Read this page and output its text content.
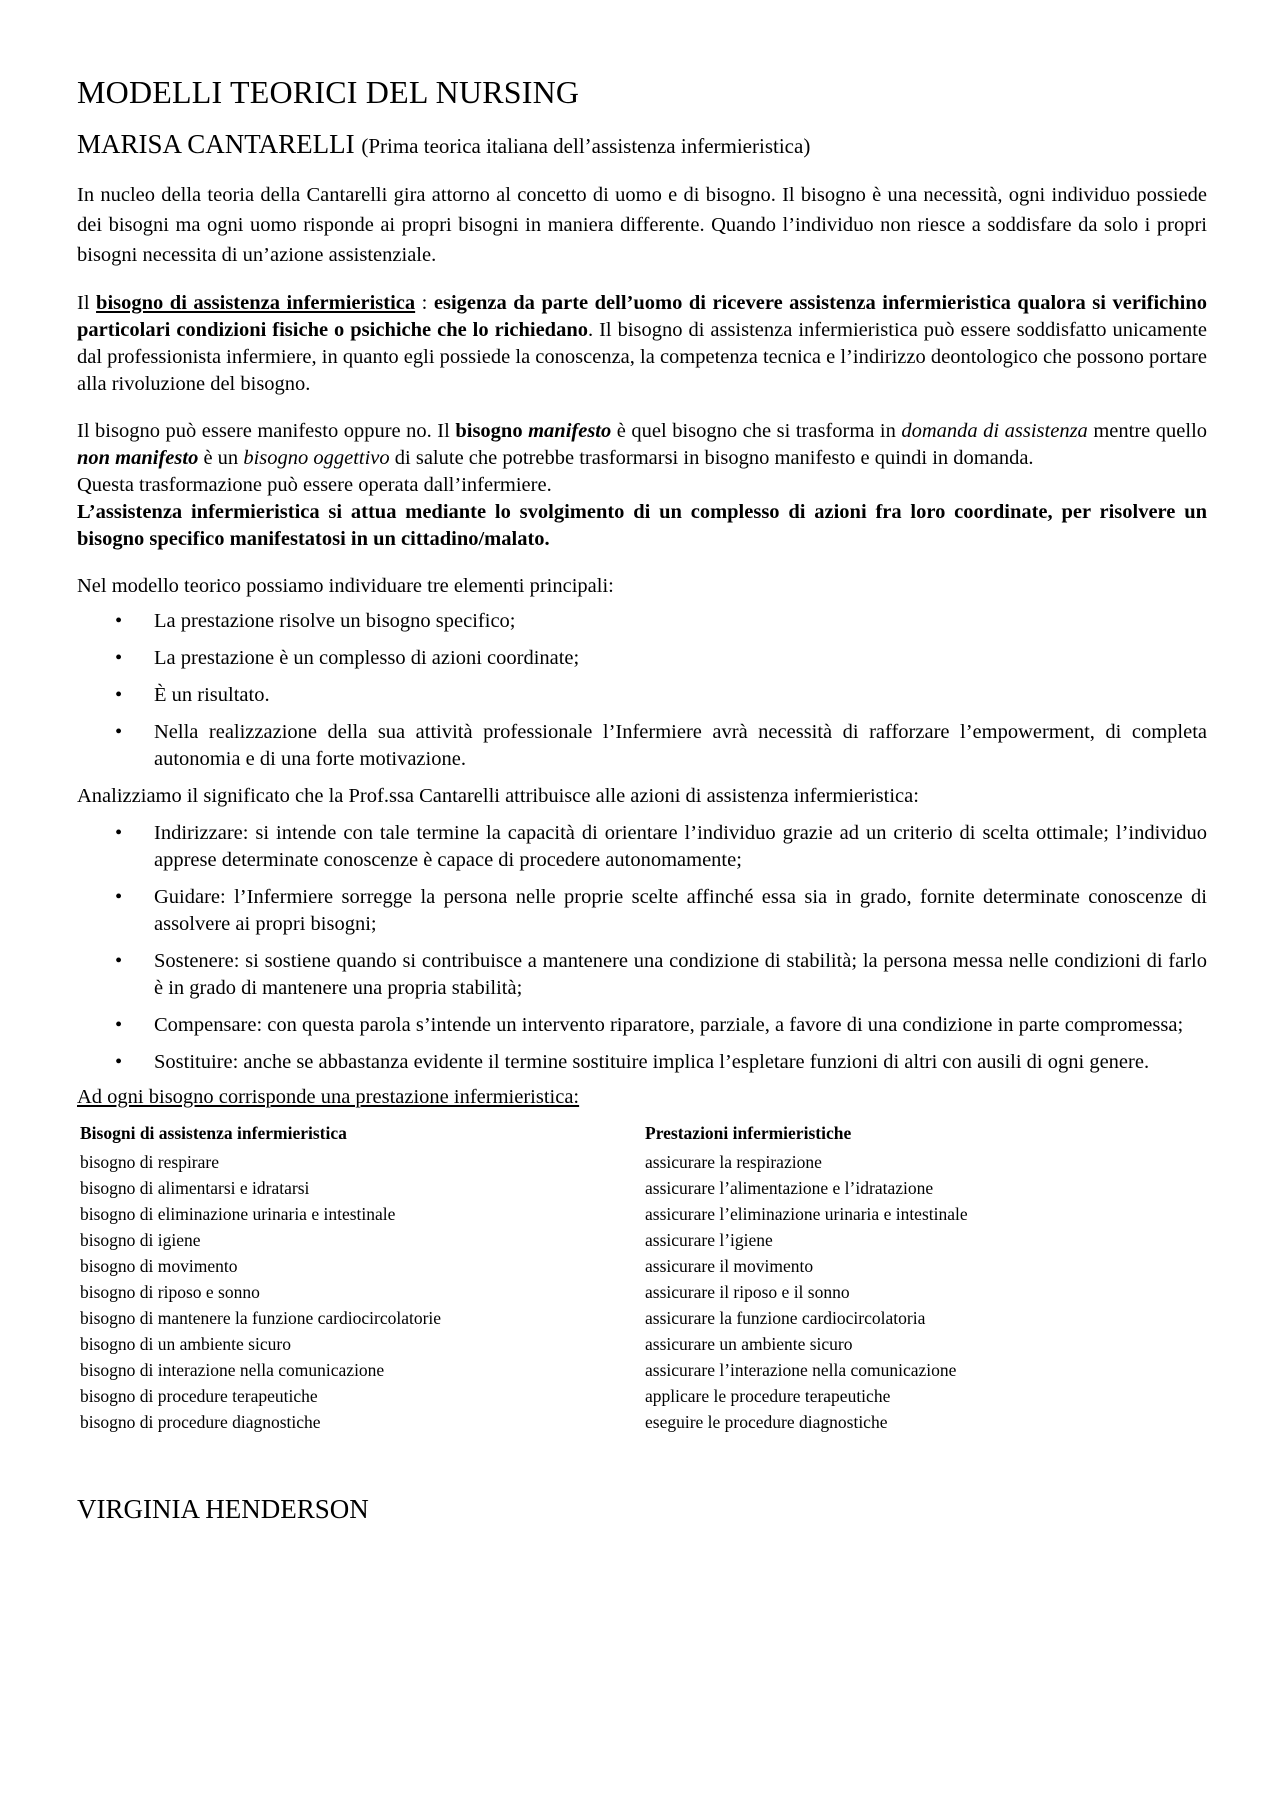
MODELLI TEORICI DEL NURSING
MARISA CANTARELLI (Prima teorica italiana dell’assistenza infermieristica)

In nucleo della teoria della Cantarelli gira attorno al concetto di uomo e di bisogno. Il bisogno è una necessità, ogni individuo possiede dei bisogni ma ogni uomo risponde ai propri bisogni in maniera differente. Quando l’individuo non riesce a soddisfare da solo i propri bisogni necessita di un’azione assistenziale.

Il bisogno di assistenza infermieristica : esigenza da parte dell’uomo di ricevere assistenza infermieristica qualora si verifichino particolari condizioni fisiche o psichiche che lo richiedano. Il bisogno di assistenza infermieristica può essere soddisfatto unicamente dal professionista infermiere, in quanto egli possiede la conoscenza, la competenza tecnica e l’indirizzo deontologico che possono portare alla rivoluzione del bisogno.

Il bisogno può essere manifesto oppure no. Il bisogno manifesto è quel bisogno che si trasforma in domanda di assistenza mentre quello non manifesto è un bisogno oggettivo di salute che potrebbe trasformarsi in bisogno manifesto e quindi in domanda.

Questa trasformazione può essere operata dall’infermiere.

L’assistenza infermieristica si attua mediante lo svolgimento di un complesso di azioni fra loro coordinate, per risolvere un bisogno specifico manifestatosi in un cittadino/malato.

Nel modello teorico possiamo individuare tre elementi principali:

• La prestazione risolve un bisogno specifico;
• La prestazione è un complesso di azioni coordinate;
• È un risultato.
• Nella realizzazione della sua attività professionale l’Infermiere avrà necessità di rafforzare l’empowerment, di completa autonomia e di una forte motivazione.

Analizziamo il significato che la Prof.ssa Cantarelli attribuisce alle azioni di assistenza infermieristica:

• Indirizzare: si intende con tale termine la capacità di orientare l’individuo grazie ad un criterio di scelta ottimale; l’individuo apprese determinate conoscenze è capace di procedere autonomamente;
• Guidare: l’Infermiere sorregge la persona nelle proprie scelte affinché essa sia in grado, fornite determinate conoscenze di assolvere ai propri bisogni;
• Sostenere: si sostiene quando si contribuisce a mantenere una condizione di stabilità; la persona messa nelle condizioni di farlo è in grado di mantenere una propria stabilità;
• Compensare: con questa parola s’intende un intervento riparatore, parziale, a favore di una condizione in parte compromessa;
• Sostituire: anche se abbastanza evidente il termine sostituire implica l’espletare funzioni di altri con ausili di ogni genere.
Ad ogni bisogno corrisponde una prestazione infermieristica:
Bisogni di assistenza infermieristica	Prestazioni infermieristiche
bisogno di respirare	assicurare la respirazione
bisogno di alimentarsi e idratarsi	assicurare l’alimentazione e l’idratazione
bisogno di eliminazione urinaria e intestinale	assicurare l’eliminazione urinaria e intestinale
bisogno di igiene	assicurare l’igiene
bisogno di movimento	assicurare il movimento
bisogno di riposo e sonno	assicurare il riposo e il sonno
bisogno di mantenere la funzione cardiocircolatorie	assicurare la funzione cardiocircolatoria
bisogno di un ambiente sicuro	assicurare un ambiente sicuro
bisogno di interazione nella comunicazione	assicurare l’interazione nella comunicazione
bisogno di procedure terapeutiche	applicare le procedure terapeutiche
bisogno di procedure diagnostiche	eseguire le procedure diagnostiche
VIRGINIA HENDERSON
